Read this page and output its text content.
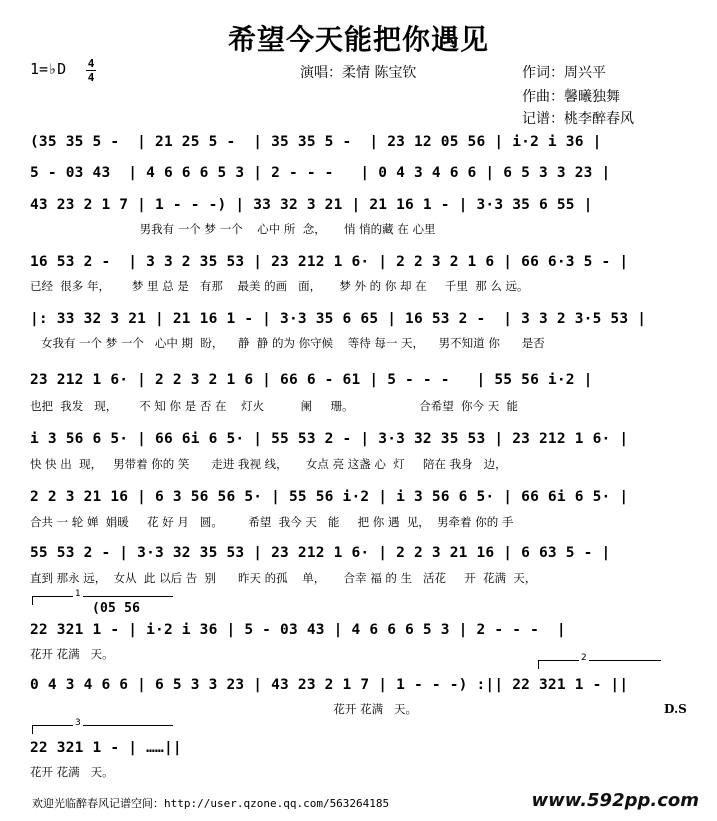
希望今天能把你遇见
1=♭D 4
4	演唱：柔情 陈宝钦	作词：周兴平
作曲：馨曦独舞
记谱：桃李醉春风
(35 35 5 -  | 21 25 5 -  | 35 35 5 -  | 23 12 05 56 | i·2 i 36 |
5 - 03 43  | 4 6 6 6 5 3 | 2 - - -   | 0 4 3 4 6 6 | 6 5 3 3 23 |
43 23 2 1 7 | 1 - - -) | 33 32 3 21 | 21 16 1 - | 3·3 35 6 55 |
男我有 一个 梦 一个    心中 所  念，     悄 悄的藏 在 心里
16 53 2 -  | 3 3 2 35 53 | 23 212 1 6· | 2 2 3 2 1 6 | 66 6·3 5 - |
已经  很多 年，      梦 里 总 是   有那    最美 的画   面，     梦 外 的 你 却 在     千里  那 么 远。
|: 33 32 3 21 | 21 16 1 - | 3·3 35 6 65 | 16 53 2 -  | 3 3 2 3·5 53 |
女我有 一个 梦 一个   心中 期  盼，    静  静 的为 你守候    等待 每一 天，    男不知道 你      是否
23 212 1 6· | 2 2 3 2 1 6 | 66 6 - 61 | 5 - - -   | 55 56 i·2 |
也把  我发   现，      不 知 你 是 否 在    灯火          阑     珊。                  合希望  你今 天  能
i 3 56 6 5· | 66 6i 6 5· | 55 53 2 - | 3·3 32 35 53 | 23 212 1 6· |
快 快 出  现，   男带着 你的 笑      走进 我视 线，     女点 亮 这盏 心  灯     陪在 我身   边，
2 2 3 21 16 | 6 3 56 56 5· | 55 56 i·2 | i 3 56 6 5· | 66 6i 6 5· |
合共 一 轮 婵  娟暖     花 好 月   圆。       希望  我今 天   能     把 你 遇  见，  男牵着 你的 手
55 53 2 - | 3·3 32 35 53 | 23 212 1 6· | 2 2 3 21 16 | 6 63 5 - |
直到 那永 远，  女从  此 以后 告  别      昨天 的孤    单，     合幸 福 的 生   活花     开  花满  天，
1
(05 56
22 321 1 - | i·2 i 36 | 5 - 03 43 | 4 6 6 6 5 3 | 2 - - -  |
花开 花满   天。	2
0 4 3 4 6 6 | 6 5 3 3 23 | 43 23 2 1 7 | 1 - - -) :|| 22 321 1 - ||
花开 花满   天。	D.S
3
22 321 1 - | ……||
花开 花满   天。
欢迎光临醉春风记谱空间：http://user.qzone.qq.com/563264185	www.592pp.com
